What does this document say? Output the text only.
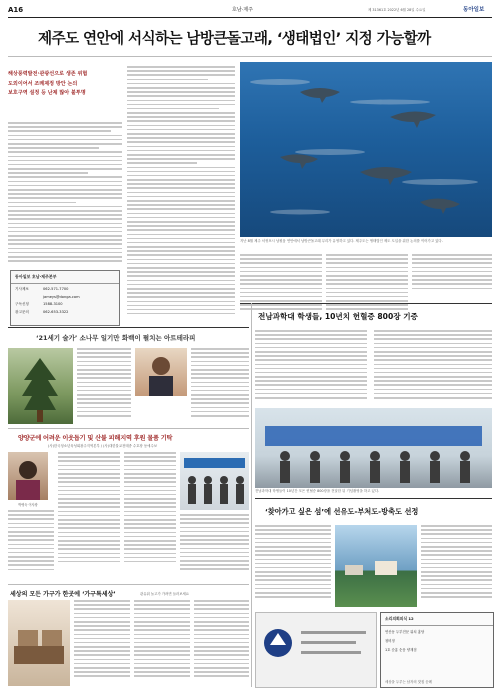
A16	호남·제주	제 31361호 2022년 6월 28일 수요일	동아일보
제주도 연안에 서식하는 남방큰돌고래, ‘생태법인’ 지정 가능할까
해상풍력발전·관광선으로 생존 위협
도외이어서 조례제정 방안 논의
보호구역 설정 등 난제 많아 불투명
동아일보 호남·제주본부
기사제보	062-571-7700
jameys@donga.com
구독신청	1588-3100
광고문의	062-653-3322
지난 8월 제주 서귀포시 남원읍 연안에서 남방큰돌고래 무리가 유영하고 있다. 제주도는 생태법인 제도 도입을 위한 논의를 이어가고 있다.
전남과학대 학생들, 10년치 헌혈증 800장 기증
전남과학대 학생들이 10년간 모은 헌혈증 800장을 전달한 뒤 기념촬영을 하고 있다.
‘찾아가고 싶은 섬’에 선유도-부처도-방축도 선정
소리의회외식 12
연산동 두부전문 위치 홍당
청비정
1호 순흥 순음 양재점
세상을 두루는 남자의 맛집 순례
‘21세기 술가’ 소나무 일기만 화백이 펼치는 아트테라피
양양군에 어려운 이웃돕기 및 산불 피해지역 후원 물품 기탁
(사)한국청소년육성회광주지역본부 / (사)대한불교천태종 수호장 동애수보
박영숙 이사장
세상의 모든 가구가 한곳에 ‘가구특세상’	관유워 놀고가 가려면 들러보세요
